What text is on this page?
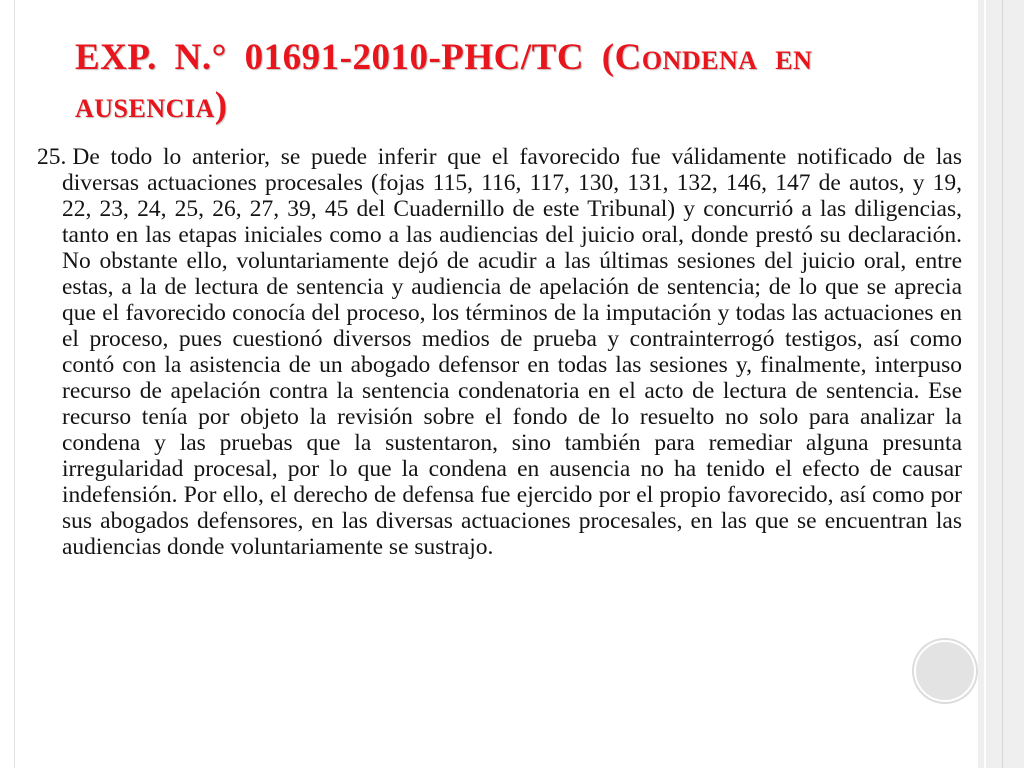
EXP. N.° 01691-2010-PHC/TC (Condena en ausencia)

25. De todo lo anterior, se puede inferir que el favorecido fue válidamente notificado de las diversas actuaciones procesales (fojas 115, 116, 117, 130, 131, 132, 146, 147 de autos, y 19, 22, 23, 24, 25, 26, 27, 39, 45 del Cuadernillo de este Tribunal) y concurrió a las diligencias, tanto en las etapas iniciales como a las audiencias del juicio oral, donde prestó su declaración. No obstante ello, voluntariamente dejó de acudir a las últimas sesiones del juicio oral, entre estas, a la de lectura de sentencia y audiencia de apelación de sentencia; de lo que se aprecia que el favorecido conocía del proceso, los términos de la imputación y todas las actuaciones en el proceso, pues cuestionó diversos medios de prueba y contrainterrogó testigos, así como contó con la asistencia de un abogado defensor en todas las sesiones y, finalmente, interpuso recurso de apelación contra la sentencia condenatoria en el acto de lectura de sentencia. Ese recurso tenía por objeto la revisión sobre el fondo de lo resuelto no solo para analizar la condena y las pruebas que la sustentaron, sino también para remediar alguna presunta irregularidad procesal, por lo que la condena en ausencia no ha tenido el efecto de causar indefensión. Por ello, el derecho de defensa fue ejercido por el propio favorecido, así como por sus abogados defensores, en las diversas actuaciones procesales, en las que se encuentran las audiencias donde voluntariamente se sustrajo.
